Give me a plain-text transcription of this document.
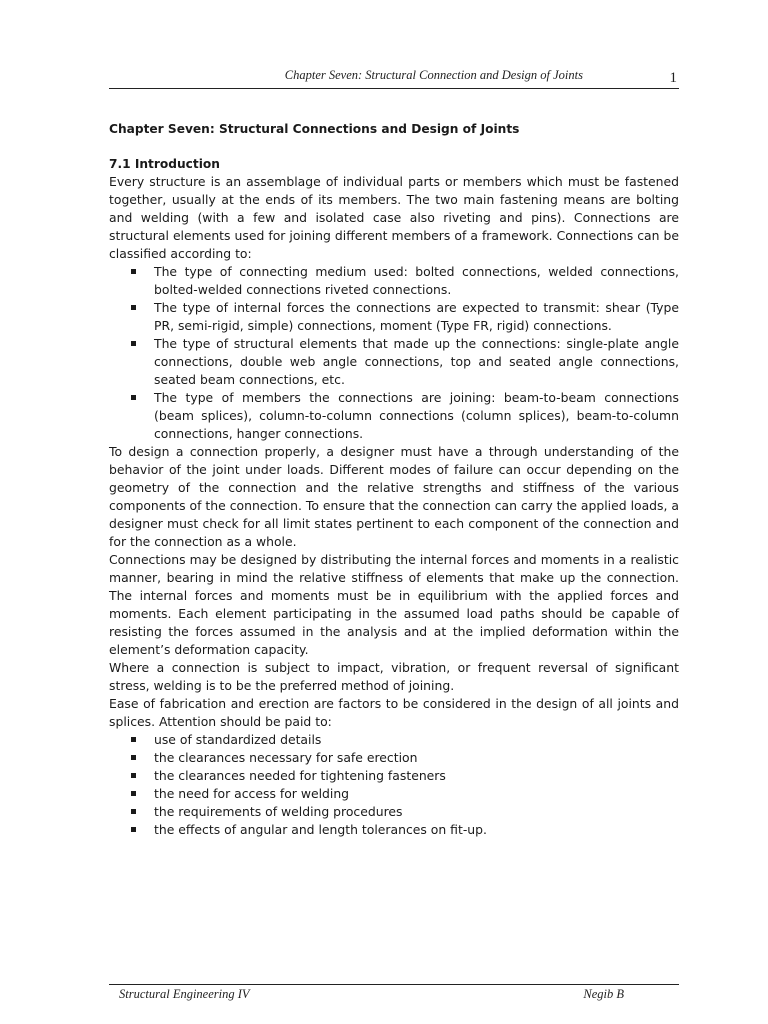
Chapter Seven: Structural Connection and Design of Joints	1
Chapter Seven: Structural Connections and Design of Joints
7.1 Introduction

Every structure is an assemblage of individual parts or members which must be fastened together, usually at the ends of its members. The two main fastening means are bolting and welding (with a few and isolated case also riveting and pins). Connections are structural elements used for joining different members of a framework. Connections can be classified according to:

The type of connecting medium used: bolted connections, welded connections, bolted-welded connections riveted connections.
The type of internal forces the connections are expected to transmit: shear (Type PR, semi-rigid, simple) connections, moment (Type FR, rigid) connections.
The type of structural elements that made up the connections: single-plate angle connections, double web angle connections, top and seated angle connections, seated beam connections, etc.
The type of members the connections are joining: beam-to-beam connections (beam splices), column-to-column connections (column splices), beam-to-column connections, hanger connections.

To design a connection properly, a designer must have a through understanding of the behavior of the joint under loads. Different modes of failure can occur depending on the geometry of the connection and the relative strengths and stiffness of the various components of the connection. To ensure that the connection can carry the applied loads, a designer must check for all limit states pertinent to each component of the connection and for the connection as a whole.

Connections may be designed by distributing the internal forces and moments in a realistic manner, bearing in mind the relative stiffness of elements that make up the connection. The internal forces and moments must be in equilibrium with the applied forces and moments. Each element participating in the assumed load paths should be capable of resisting the forces assumed in the analysis and at the implied deformation within the element’s deformation capacity.

Where a connection is subject to impact, vibration, or frequent reversal of significant stress, welding is to be the preferred method of joining.

Ease of fabrication and erection are factors to be considered in the design of all joints and splices. Attention should be paid to:

use of standardized details
the clearances necessary for safe erection
the clearances needed for tightening fasteners
the need for access for welding
the requirements of welding procedures
the effects of angular and length tolerances on fit-up.
Structural Engineering IV	Negib B
